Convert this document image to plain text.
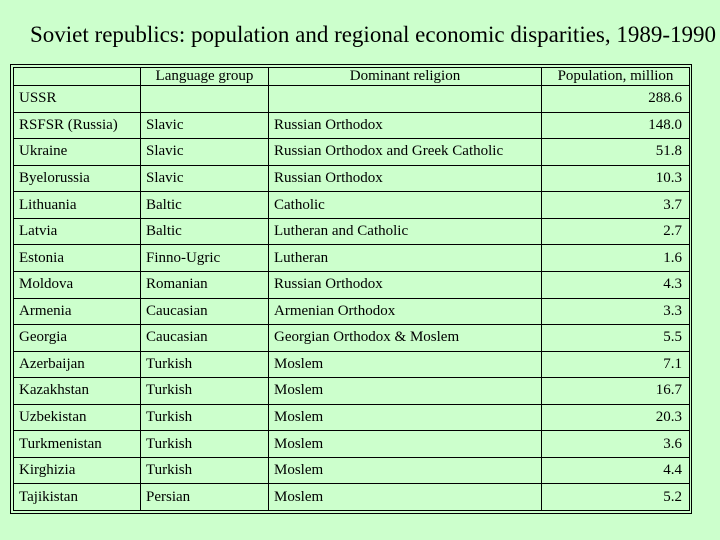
Soviet republics: population and regional economic disparities, 1989-1990
	Language group	Dominant religion	Population, million
USSR			288.6
RSFSR (Russia)	Slavic	Russian Orthodox	148.0
Ukraine	Slavic	Russian Orthodox and Greek Catholic	51.8
Byelorussia	Slavic	Russian Orthodox	10.3
Lithuania	Baltic	Catholic	3.7
Latvia	Baltic	Lutheran and Catholic	2.7
Estonia	Finno-Ugric	Lutheran	1.6
Moldova	Romanian	Russian Orthodox	4.3
Armenia	Caucasian	Armenian Orthodox	3.3
Georgia	Caucasian	Georgian Orthodox & Moslem	5.5
Azerbaijan	Turkish	Moslem	7.1
Kazakhstan	Turkish	Moslem	16.7
Uzbekistan	Turkish	Moslem	20.3
Turkmenistan	Turkish	Moslem	3.6
Kirghizia	Turkish	Moslem	4.4
Tajikistan	Persian	Moslem	5.2
